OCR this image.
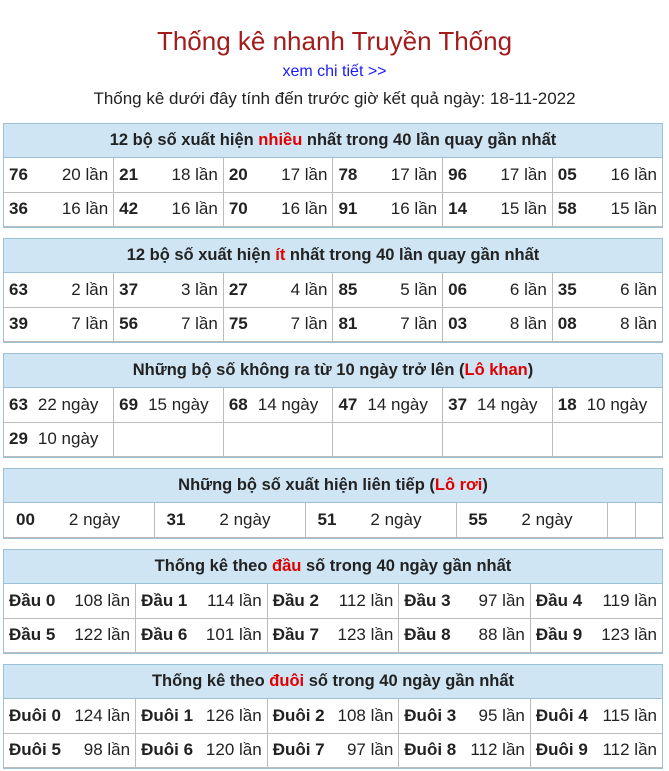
Thống kê nhanh Truyền Thống
xem chi tiết >>
Thống kê dưới đây tính đến trước giờ kết quả ngày: 18-11-2022
12 bộ số xuất hiện nhiều nhất trong 40 lần quay gần nhất
76 20 lần	21 18 lần	20 17 lần	78 17 lần	96 17 lần	05 16 lần

36 16 lần	42 16 lần	70 16 lần	91 16 lần	14 15 lần	58 15 lần
12 bộ số xuất hiện ít nhất trong 40 lần quay gần nhất
63 2 lần	37 3 lần	27 4 lần	85 5 lần	06 6 lần	35 6 lần

39 7 lần	56 7 lần	75 7 lần	81 7 lần	03 8 lần	08 8 lần
Những bộ số không ra từ 10 ngày trở lên (Lô khan)
63 22 ngày	69 15 ngày	68 14 ngày	47 14 ngày	37 14 ngày	18 10 ngày
29 10 ngày					
Những bộ số xuất hiện liên tiếp (Lô rơi)
00 2 ngày	31 2 ngày	51 2 ngày	55 2 ngày		
Thống kê theo đầu số trong 40 ngày gần nhất
Đầu 0 108 lần	Đầu 1 114 lần	Đầu 2 112 lần	Đầu 3 97 lần	Đầu 4 119 lần

Đầu 5 122 lần	Đầu 6 101 lần	Đầu 7 123 lần	Đầu 8 88 lần	Đầu 9 123 lần
Thống kê theo đuôi số trong 40 ngày gần nhất
Đuôi 0 124 lần	Đuôi 1 126 lần	Đuôi 2 108 lần	Đuôi 3 95 lần	Đuôi 4 115 lần

Đuôi 5 98 lần	Đuôi 6 120 lần	Đuôi 7 97 lần	Đuôi 8 112 lần	Đuôi 9 112 lần
